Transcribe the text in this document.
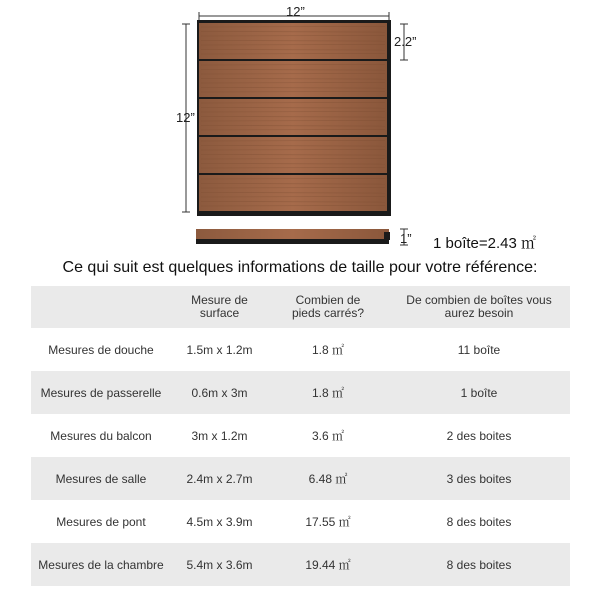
12”
12”
2.2”
1” 1 boîte=2.43 ㎡
Ce qui suit est quelques informations de taille pour votre référence:
	Mesure de surface	Combien de pieds carrés?	De combien de boîtes vous aurez besoin
Mesures de douche	1.5m x 1.2m	1.8 ㎡	11 boîte
Mesures de passerelle	0.6m x 3m	1.8 ㎡	1 boîte
Mesures du balcon	3m x 1.2m	3.6 ㎡	2 des boites
Mesures de salle	2.4m x 2.7m	6.48 ㎡	3 des boites
Mesures de pont	4.5m x 3.9m	17.55 ㎡	8 des boites
Mesures de la chambre	5.4m x 3.6m	19.44 ㎡	8 des boites
